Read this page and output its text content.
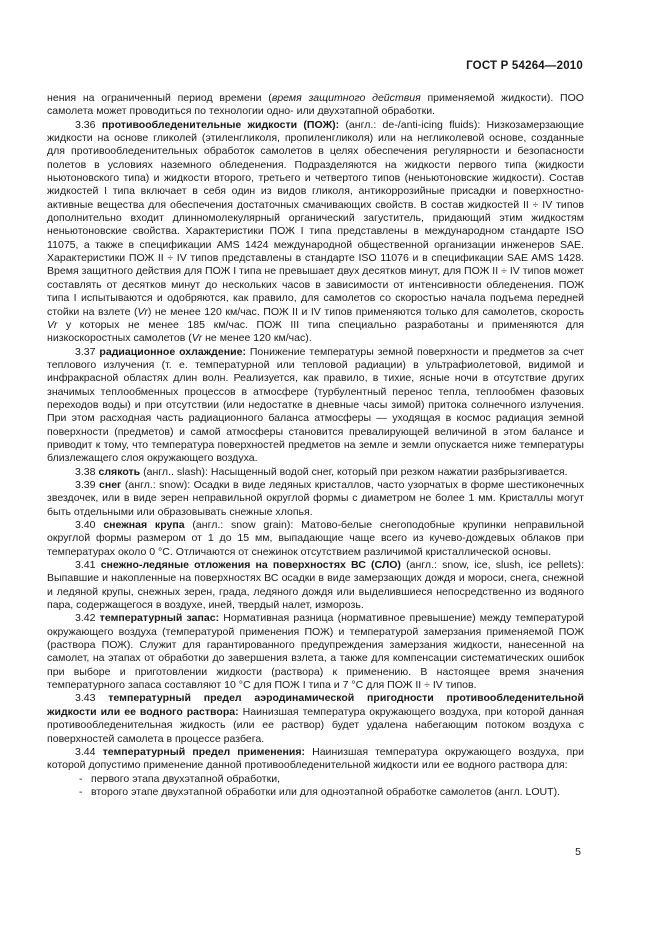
ГОСТ Р 54264—2010

нения на ограниченный период времени (время защитного действия применяемой жидкости). ПОО самолета может проводиться по технологии одно- или двухэтапной обработки.

3.36 противообледенительные жидкости (ПОЖ): (англ.: de-/anti-icing fluids): Низкозамерзающие жидкости на основе гликолей (этиленгликоля, пропиленгликоля) или на негликолевой основе, созданные для противообледенительных обработок самолетов в целях обеспечения регулярности и безопасности полетов в условиях наземного обледенения. Подразделяются на жидкости первого типа (жидкости ньютоновского типа) и жидкости второго, третьего и четвертого типов (неньютоновские жидкости). Состав жидкостей I типа включает в себя один из видов гликоля, антикоррозийные присадки и поверхностно-активные вещества для обеспечения достаточных смачивающих свойств. В состав жидкостей II ÷ IV типов дополнительно входит длинномолекулярный органический загуститель, придающий этим жидкостям неньютоновские свойства. Характеристики ПОЖ I типа представлены в международном стандарте ISO 11075, а также в спецификации AMS 1424 международной общественной организации инженеров SAE. Характеристики ПОЖ II ÷ IV типов представлены в стандарте ISO 11076 и в спецификации SAE AMS 1428. Время защитного действия для ПОЖ I типа не превышает двух десятков минут, для ПОЖ II ÷ IV типов может составлять от десятков минут до нескольких часов в зависимости от интенсивности обледенения. ПОЖ типа I испытываются и одобряются, как правило, для самолетов со скоростью начала подъема передней стойки на взлете (Vr) не менее 120 км/час. ПОЖ II и IV типов применяются только для самолетов, скорость Vr у которых не менее 185 км/час. ПОЖ III типа специально разработаны и применяются для низкоскоростных самолетов (Vr не менее 120 км/час).

3.37 радиационное охлаждение: Понижение температуры земной поверхности и предметов за счет теплового излучения (т. е. температурной или тепловой радиации) в ультрафиолетовой, видимой и инфракрасной областях длин волн. Реализуется, как правило, в тихие, ясные ночи в отсутствие других значимых теплообменных процессов в атмосфере (турбулентный перенос тепла, теплообмен фазовых переходов воды) и при отсутствии (или недостатке в дневные часы зимой) притока солнечного излучения. При этом расходная часть радиационного баланса атмосферы — уходящая в космос радиация земной поверхности (предметов) и самой атмосферы становится превалирующей величиной в этом балансе и приводит к тому, что температура поверхностей предметов на земле и земли опускается ниже температуры близлежащего слоя окружающего воздуха.

3.38 слякоть (англ.. slash): Насыщенный водой снег, который при резком нажатии разбрызгивается.

3.39 снег (англ.: snow): Осадки в виде ледяных кристаллов, часто узорчатых в форме шестиконечных звездочек, или в виде зерен неправильной округлой формы с диаметром не более 1 мм. Кристаллы могут быть отдельными или образовывать снежные хлопья.

3.40 снежная крупа (англ.: snow grain): Матово-белые снегоподобные крупинки неправильной округлой формы размером от 1 до 15 мм, выпадающие чаще всего из кучево-дождевых облаков при температурах около 0 °С. Отличаются от снежинок отсутствием различимой кристаллической основы.

3.41 снежно-ледяные отложения на поверхностях ВС (СЛО) (англ.: snow, ice, slush, ice pellets): Выпавшие и накопленные на поверхностях ВС осадки в виде замерзающих дождя и мороси, снега, снежной и ледяной крупы, снежных зерен, града, ледяного дождя или выделившиеся непосредственно из водяного пара, содержащегося в воздухе, иней, твердый налет, изморозь.

3.42 температурный запас: Нормативная разница (нормативное превышение) между температурой окружающего воздуха (температурой применения ПОЖ) и температурой замерзания применяемой ПОЖ (раствора ПОЖ). Служит для гарантированного предупреждения замерзания жидкости, нанесенной на самолет, на этапах от обработки до завершения взлета, а также для компенсации систематических ошибок при выборе и приготовлении жидкости (раствора) к применению. В настоящее время значения температурного запаса составляют 10 °С для ПОЖ I типа и 7 °С для ПОЖ II ÷ IV типов.

3.43 температурный предел аэродинамической пригодности противообледенительной жидкости или ее водного раствора: Наинизшая температура окружающего воздуха, при которой данная противообледенительная жидкость (или ее раствор) будет удалена набегающим потоком воздуха с поверхностей самолета в процессе разбега.

3.44 температурный предел применения: Наинизшая температура окружающего воздуха, при которой допустимо применение данной противообледенительной жидкости или ее водного раствора для:

- первого этапа двухэтапной обработки,
- второго этапе двухэтапной обработки или для одноэтапной обработке самолетов (англ. LOUT).
5
